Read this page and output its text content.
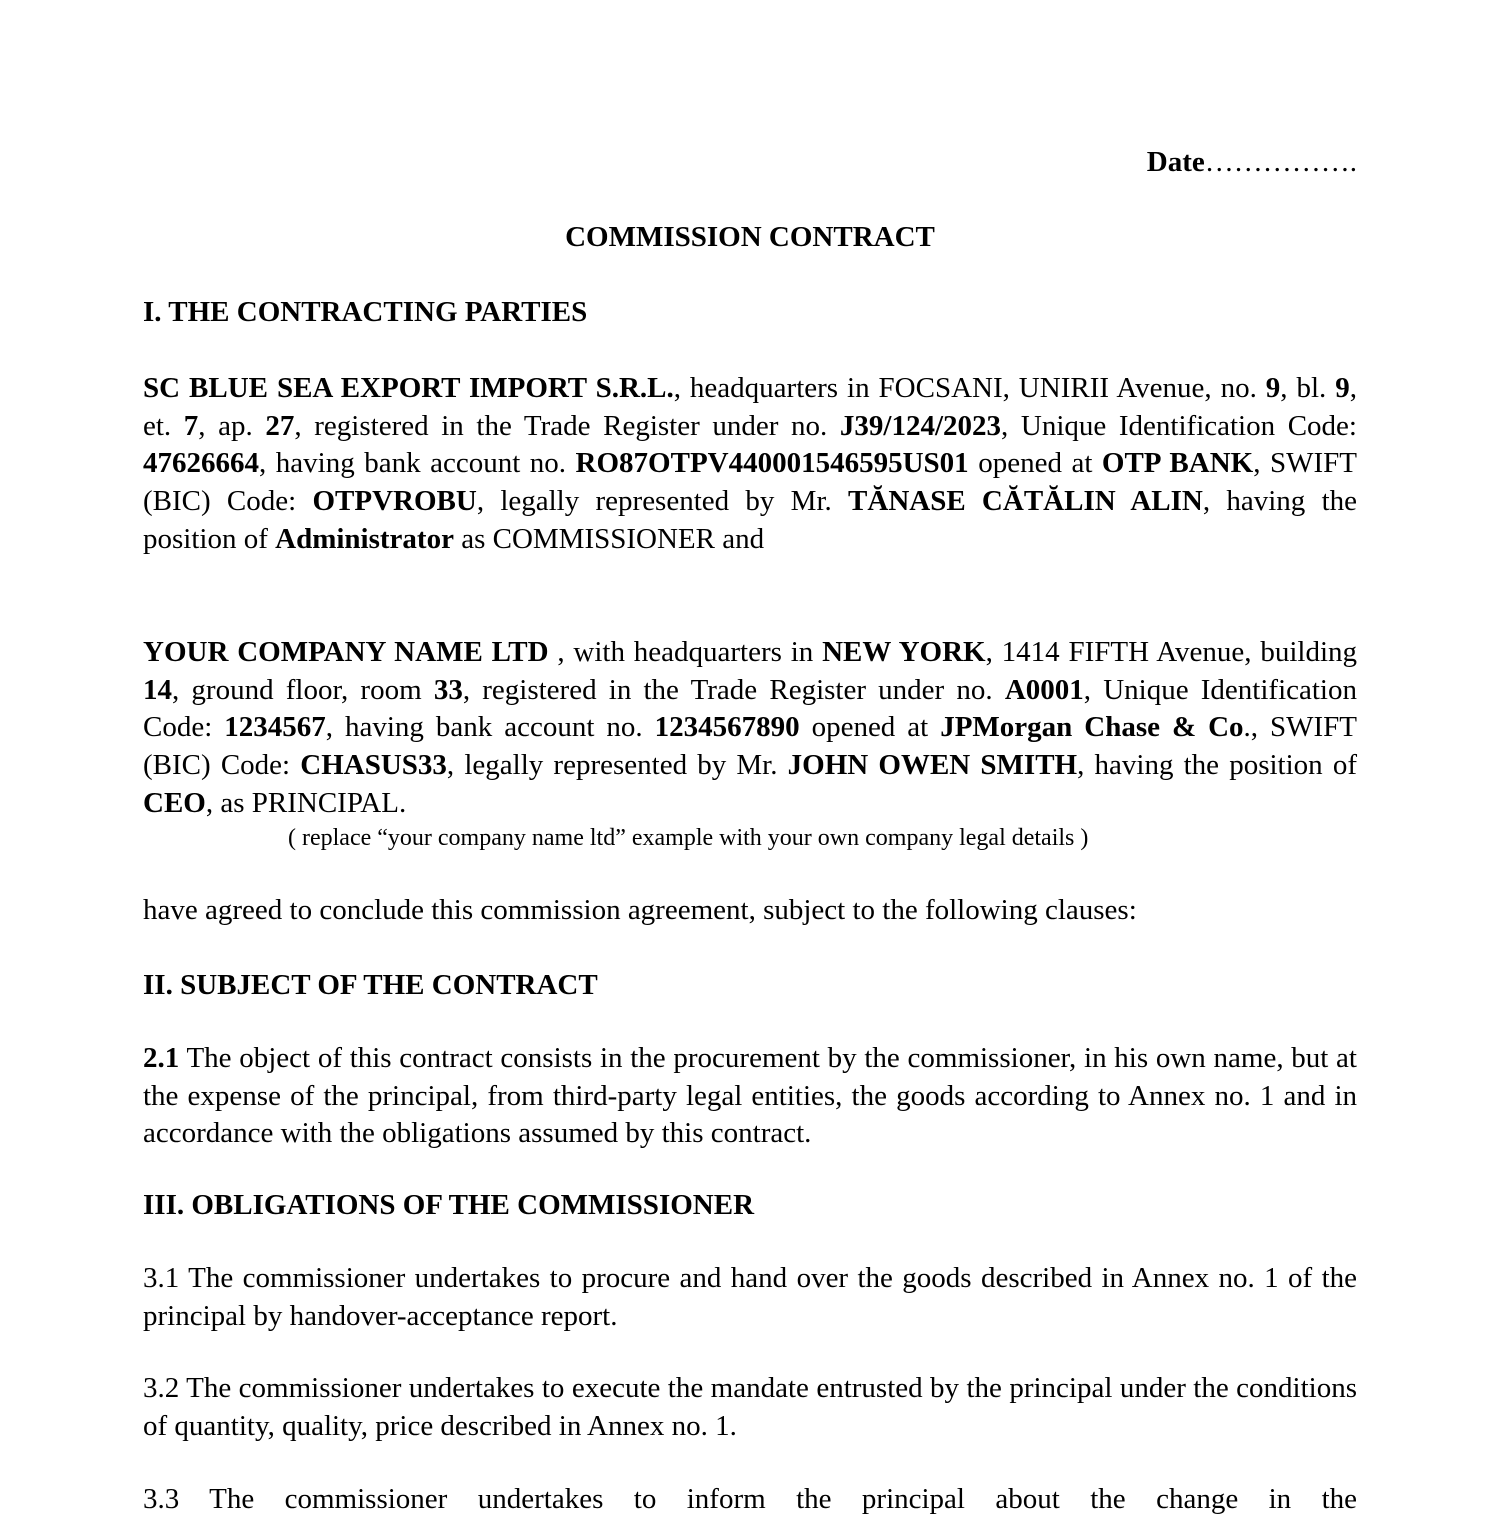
Date…………….
COMMISSION CONTRACT
I. THE CONTRACTING PARTIES
SC BLUE SEA EXPORT IMPORT S.R.L., headquarters in FOCSANI, UNIRII Avenue, no. 9, bl. 9, et. 7, ap. 27, registered in the Trade Register under no. J39/124/2023, Unique Identification Code: 47626664, having bank account no. RO87OTPV440001546595US01 opened at OTP BANK, SWIFT (BIC) Code: OTPVROBU, legally represented by Mr. TĂNASE CĂTĂLIN ALIN, having the position of Administrator as COMMISSIONER and
YOUR COMPANY NAME LTD , with headquarters in NEW YORK, 1414 FIFTH Avenue, building 14, ground floor, room 33, registered in the Trade Register under no. A0001, Unique Identification Code: 1234567, having bank account no. 1234567890 opened at JPMorgan Chase & Co., SWIFT (BIC) Code: CHASUS33, legally represented by Mr. JOHN OWEN SMITH, having the position of CEO, as PRINCIPAL.
( replace “your company name ltd” example with your own company legal details )
have agreed to conclude this commission agreement, subject to the following clauses:
II. SUBJECT OF THE CONTRACT
2.1 The object of this contract consists in the procurement by the commissioner, in his own name, but at the expense of the principal, from third-party legal entities, the goods according to Annex no. 1 and in accordance with the obligations assumed by this contract.
III. OBLIGATIONS OF THE COMMISSIONER
3.1 The commissioner undertakes to procure and hand over the goods described in Annex no. 1 of the principal by handover-acceptance report.
3.2 The commissioner undertakes to execute the mandate entrusted by the principal under the conditions of quantity, quality, price described in Annex no. 1.
3.3 The commissioner undertakes to inform the principal about the change in the
